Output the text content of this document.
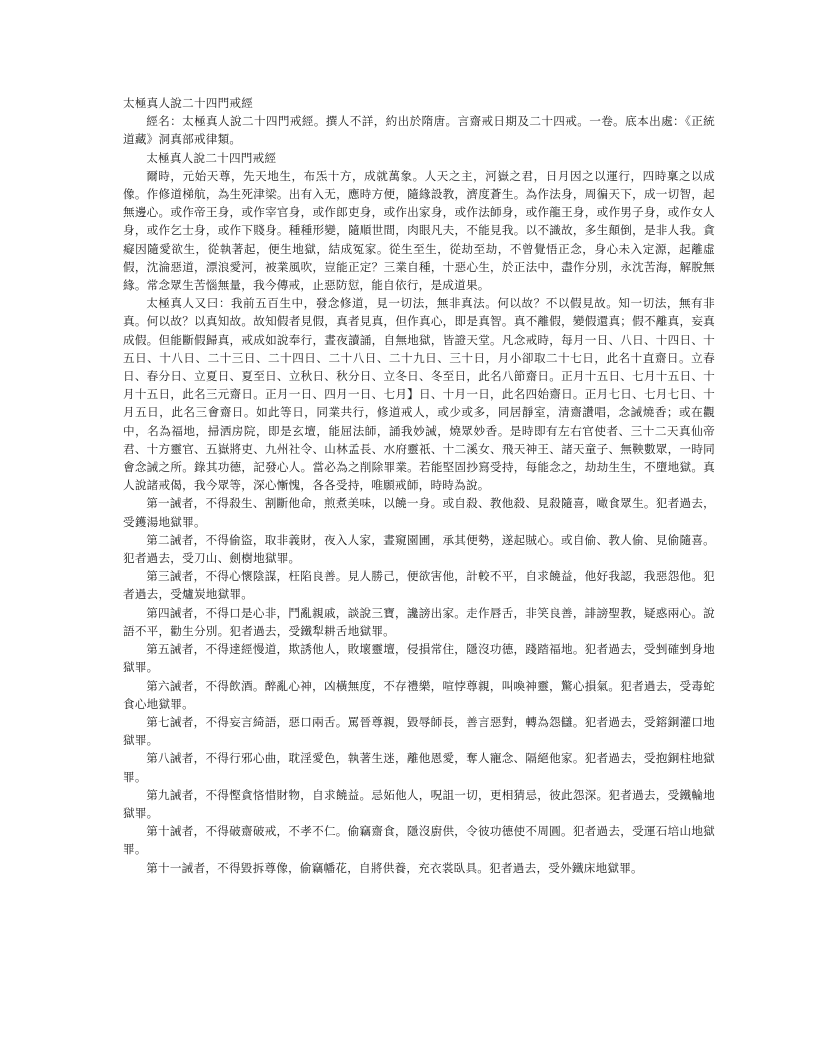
太極真人說二十四門戒經
經名：太極真人說二十四門戒經。撰人不詳，約出於隋唐。言齋戒日期及二十四戒。一卷。底本出處：《正統道藏》洞真部戒律類。
太極真人說二十四門戒經
爾時，元始天尊，先天地生，布炁十方，成就萬象。人天之主，河嶽之君，日月因之以運行，四時稟之以成像。作修道梯航，為生死津梁。出有入无，應時方便，隨緣設教，濟度蒼生。為作法身，周徧天下，成一切智，起無邊心。或作帝王身，或作宰官身，或作郎吏身，或作出家身，或作法師身，或作龍王身，或作男子身，或作女人身，或作乞士身，或作下賤身。種種形變，隨順世間，肉眼凡夫，不能見我。以不識故，多生顛倒，是非人我。貪癡因隨愛欲生，從執著起，便生地獄，結成冤家。從生至生，從劫至劫，不曾覺悟正念，身心未入定源，起離虛假，沈淪惡道，漂浪愛河，被業風吹，豈能正定？三業自種，十惡心生，於正法中，盡作分別，永沈苦海，解脫無緣。常念眾生苦惱無量，我今傳戒，止惡防愆，能自依行，是成道果。
太極真人又曰：我前五百生中，發念修道，見一切法，無非真法。何以故？不以假見故。知一切法，無有非真。何以故？以真知故。故知假者見假，真者見真，但作真心，即是真智。真不離假，變假還真；假不離真，妄真成假。但能斷假歸真，戒成如說奉行，晝夜讀誦，自無地獄，皆證天堂。凡念戒時，每月一日、八日、十四日、十五日、十八日、二十三日、二十四日、二十八日、二十九日、三十日，月小卻取二十七日，此名十直齋日。立春日、春分日、立夏日、夏至日、立秋日、秋分日、立冬日、冬至日，此名八節齋日。正月十五日、七月十五日、十月十五日，此名三元齋日。正月一日、四月一日、七月】日、十月一日，此名四始齋日。正月七日、七月七日、十月五日，此名三會齋日。如此等日，同業共行，修道戒人，或少或多，同居靜室，清齋讚唱，念誡燒香；或在觀中，名為福地，掃洒房院，即是玄壇，能屈法師，誦我妙誡，燒眾妙香。是時即有左右官使者、三十二天真仙帝君、十方靈官、五嶽將吏、九州社令、山林孟長、水府靈祇、十二溪女、飛天神王、諸天童子、無鞅數眾，一時同會念誡之所。錄其功德，記發心人。當必為之削除罪業。若能堅固抄寫受持，每能念之，劫劫生生，不墮地獄。真人說諸戒偈，我今眾等，深心慚愧，各各受持，唯願戒師，時時為說。
第一誡者，不得殺生、割斷他命，煎煮美味，以饒一身。或自殺、教他殺、見殺隨喜，噉食眾生。犯者過去，受鑊湯地獄罪。
第二誡者，不得偷盜，取非義財，夜入人家，晝窺園圃，承其便勢，遂起賊心。或自偷、教人偷、見偷隨喜。犯者過去，受刀山、劍樹地獄罪。
第三誡者，不得心懷陰謀，枉陷良善。見人勝己，便欲害他，計較不平，自求饒益，他好我認，我惡怨他。犯者過去，受爐炭地獄罪。
第四誡者，不得口是心非，鬥亂親戚，談說三寶，讒謗出家。走作唇舌，非笑良善，誹謗聖教，疑惑兩心。說語不平，勸生分別。犯者過去，受鐵犁耕舌地獄罪。
第五誡者，不得達經慢道，欺誘他人，敗壞靈壇，侵損常住，隱沒功德，踐踏福地。犯者過去，受剉確剉身地獄罪。
第六誡者，不得飲酒。醉亂心神，凶橫無度，不存禮樂，喧悖尊親，叫喚神靈，驚心損氣。犯者過去，受毒蛇食心地獄罪。
第七誡者，不得妄言綺語，惡口兩舌。罵晉尊親，毀辱師長，善言惡對，轉為怨讎。犯者過去，受鎔銅灌口地獄罪。
第八誡者，不得行邪心曲，耽淫愛色，執著生迷，離他恩愛，奪人寵念、隔絕他家。犯者過去，受抱銅柱地獄罪。
第九誡者，不得慳貪悋惜財物，自求饒益。忌妬他人，呪詛一切，更相猜忌，彼此怨深。犯者過去，受鐵輪地獄罪。
第十誡者，不得破齋破戒，不孝不仁。偷竊齋食，隱沒廚供，令彼功德使不周圓。犯者過去，受運石培山地獄罪。
第十一誡者，不得毀拆尊像，偷竊幡花，自將供養，充衣裳臥具。犯者過去，受外鐵床地獄罪。
